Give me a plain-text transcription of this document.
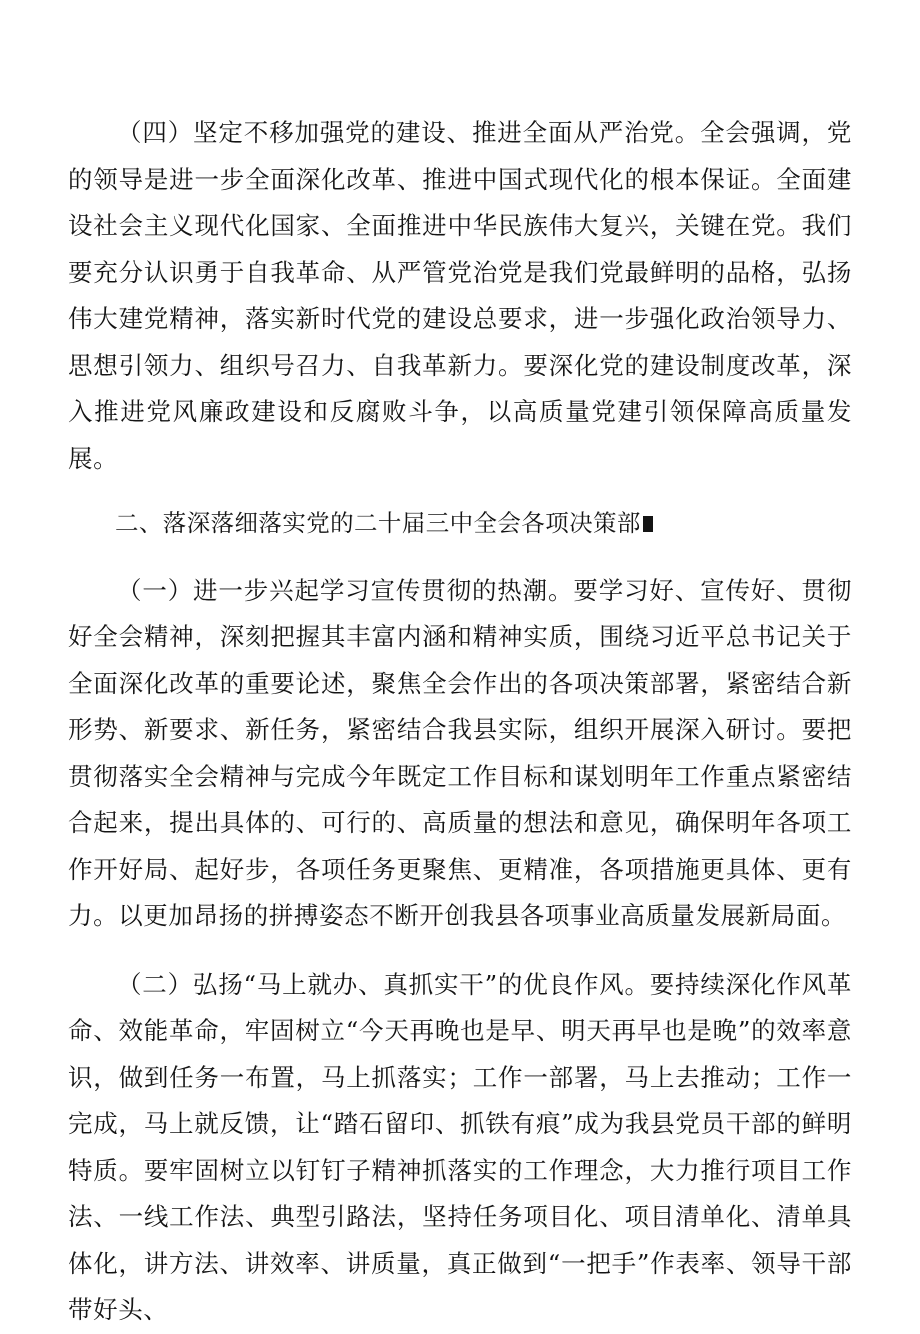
（四）坚定不移加强党的建设、推进全面从严治党。全会强调，党的领导是进一步全面深化改革、推进中国式现代化的根本保证。全面建设社会主义现代化国家、全面推进中华民族伟大复兴，关键在党。我们要充分认识勇于自我革命、从严管党治党是我们党最鲜明的品格，弘扬伟大建党精神，落实新时代党的建设总要求，进一步强化政治领导力、思想引领力、组织号召力、自我革新力。要深化党的建设制度改革，深入推进党风廉政建设和反腐败斗争，以高质量党建引领保障高质量发展。

二、落深落细落实党的二十届三中全会各项决策部

（一）进一步兴起学习宣传贯彻的热潮。要学习好、宣传好、贯彻好全会精神，深刻把握其丰富内涵和精神实质，围绕习近平总书记关于全面深化改革的重要论述，聚焦全会作出的各项决策部署，紧密结合新形势、新要求、新任务，紧密结合我县实际，组织开展深入研讨。要把贯彻落实全会精神与完成今年既定工作目标和谋划明年工作重点紧密结合起来，提出具体的、可行的、高质量的想法和意见，确保明年各项工作开好局、起好步，各项任务更聚焦、更精准，各项措施更具体、更有力。以更加昂扬的拼搏姿态不断开创我县各项事业高质量发展新局面。

（二）弘扬“马上就办、真抓实干”的优良作风。要持续深化作风革命、效能革命，牢固树立“今天再晚也是早、明天再早也是晚”的效率意识，做到任务一布置，马上抓落实；工作一部署，马上去推动；工作一完成，马上就反馈，让“踏石留印、抓铁有痕”成为我县党员干部的鲜明特质。要牢固树立以钉钉子精神抓落实的工作理念，大力推行项目工作法、一线工作法、典型引路法，坚持任务项目化、项目清单化、清单具体化，讲方法、讲效率、讲质量，真正做到“一把手”作表率、领导干部带好头、
